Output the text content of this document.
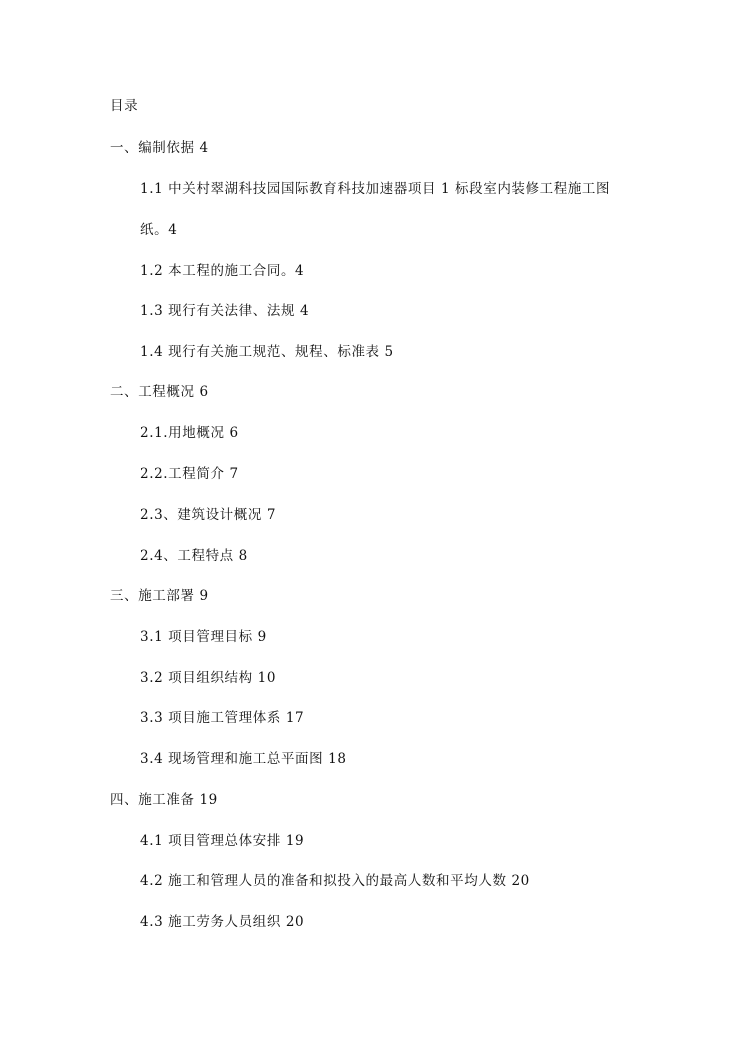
目录
一、编制依据 4
1.1 中关村翠湖科技园国际教育科技加速器项目 1 标段室内装修工程施工图
纸。4
1.2 本工程的施工合同。4
1.3 现行有关法律、法规 4
1.4 现行有关施工规范、规程、标准表 5
二、工程概况 6
2.1.用地概况 6
2.2.工程简介 7
2.3、建筑设计概况 7
2.4、工程特点 8
三、施工部署 9
3.1 项目管理目标 9
3.2 项目组织结构 10
3.3 项目施工管理体系 17
3.4 现场管理和施工总平面图 18
四、施工准备 19
4.1 项目管理总体安排 19
4.2 施工和管理人员的准备和拟投入的最高人数和平均人数 20
4.3 施工劳务人员组织 20
